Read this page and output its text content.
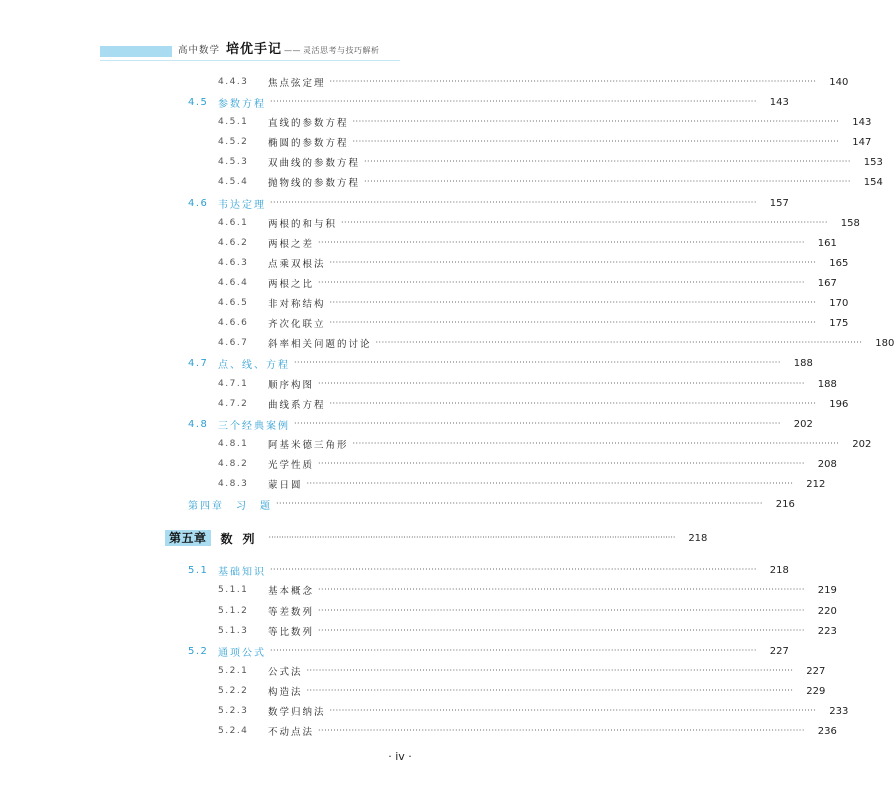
高中数学 培优手记 —— 灵活思考与技巧解析
4.4.3	焦点弦定理 ································································································································································	140
4.5 参数方程 ································································································································································	143
4.5.1	直线的参数方程 ································································································································································	143
4.5.2	椭圆的参数方程 ································································································································································	147
4.5.3	双曲线的参数方程 ································································································································································	153
4.5.4	抛物线的参数方程 ································································································································································	154
4.6 韦达定理 ································································································································································	157
4.6.1	两根的和与积 ································································································································································	158
4.6.2	两根之差 ································································································································································	161
4.6.3	点乘双根法 ································································································································································	165
4.6.4	两根之比 ································································································································································	167
4.6.5	非对称结构 ································································································································································	170
4.6.6	齐次化联立 ································································································································································	175
4.6.7	斜率相关问题的讨论 ································································································································································	180
4.7 点、线、方程 ································································································································································	188
4.7.1	顺序构图 ································································································································································	188
4.7.2	曲线系方程 ································································································································································	196
4.8 三个经典案例 ································································································································································	202
4.8.1	阿基米德三角形 ································································································································································	202
4.8.2	光学性质 ································································································································································	208
4.8.3	蒙日圆 ································································································································································	212
第四章　习　题 ································································································································································	216
第五章	数列 ································································································································································	218
5.1 基础知识 ································································································································································	218
5.1.1	基本概念 ································································································································································	219
5.1.2	等差数列 ································································································································································	220
5.1.3	等比数列 ································································································································································	223
5.2 通项公式 ································································································································································	227
5.2.1	公式法 ································································································································································	227
5.2.2	构造法 ································································································································································	229
5.2.3	数学归纳法 ································································································································································	233
5.2.4	不动点法 ································································································································································	236
· iv ·
